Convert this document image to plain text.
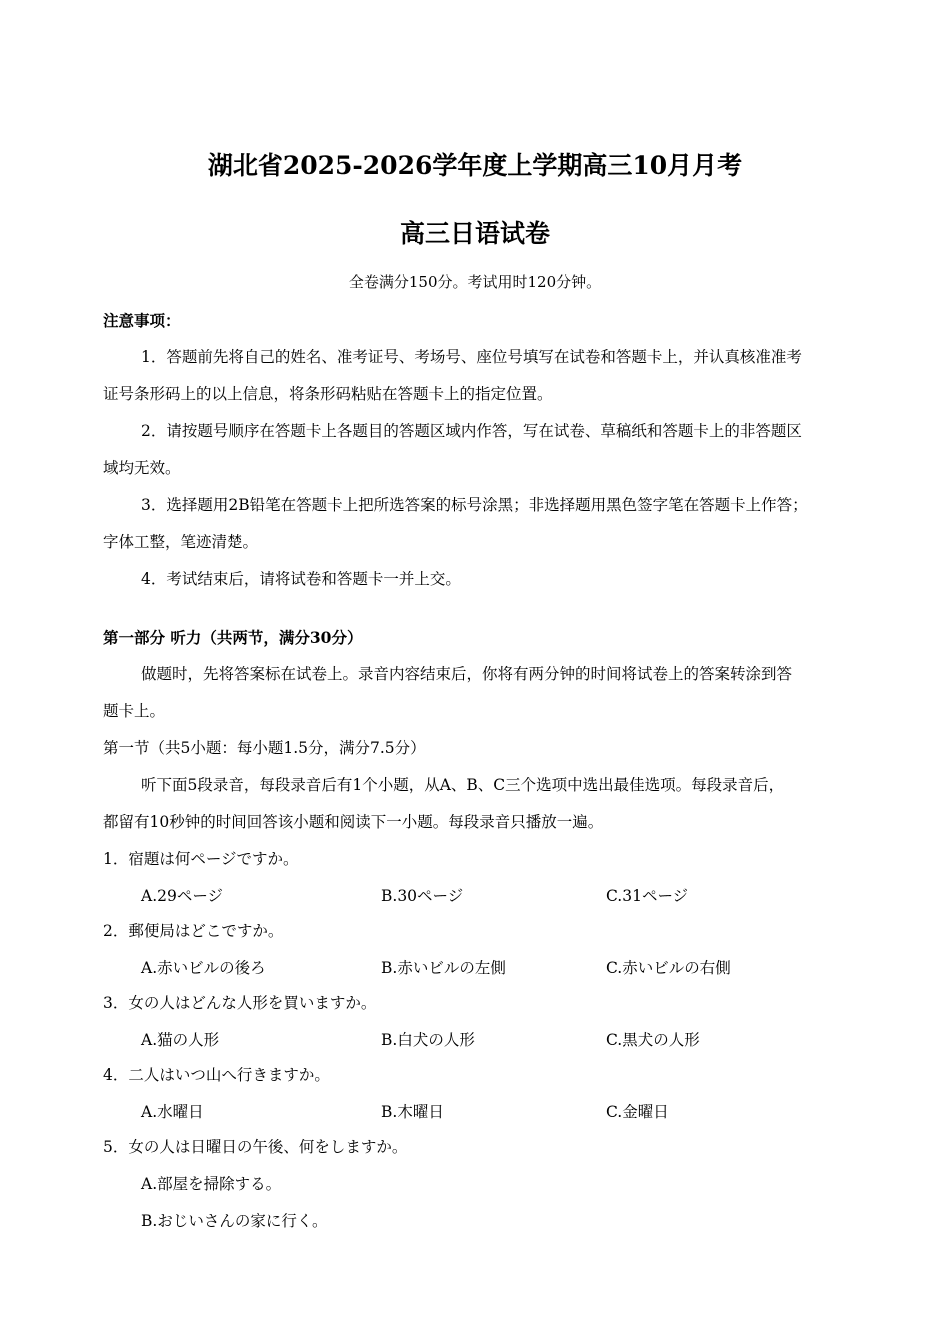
湖北省2025-2026学年度上学期高三10月月考
高三日语试卷
全卷满分150分。考试用时120分钟。
注意事项：
1．答题前先将自己的姓名、准考证号、考场号、座位号填写在试卷和答题卡上，并认真核准准考
证号条形码上的以上信息，将条形码粘贴在答题卡上的指定位置。
2．请按题号顺序在答题卡上各题目的答题区域内作答，写在试卷、草稿纸和答题卡上的非答题区
域均无效。
3．选择题用2B铅笔在答题卡上把所选答案的标号涂黑；非选择题用黑色签字笔在答题卡上作答；
字体工整，笔迹清楚。
4．考试结束后，请将试卷和答题卡一并上交。
第一部分 听力（共两节，满分30分）
做题时，先将答案标在试卷上。录音内容结束后，你将有两分钟的时间将试卷上的答案转涂到答
题卡上。
第一节（共5小题：每小题1.5分，满分7.5分）
听下面5段录音，每段录音后有1个小题，从A、B、C三个选项中选出最佳选项。每段录音后，
都留有10秒钟的时间回答该小题和阅读下一小题。每段录音只播放一遍。
1．宿題は何ページですか。
A.29ページ	B.30ページ	C.31ページ
2．郵便局はどこですか。
A.赤いビルの後ろ	B.赤いビルの左側	C.赤いビルの右側
3．女の人はどんな人形を買いますか。
A.猫の人形	B.白犬の人形	C.黒犬の人形
4．二人はいつ山へ行きますか。
A.水曜日	B.木曜日	C.金曜日
5．女の人は日曜日の午後、何をしますか。
A.部屋を掃除する。
B.おじいさんの家に行く。
